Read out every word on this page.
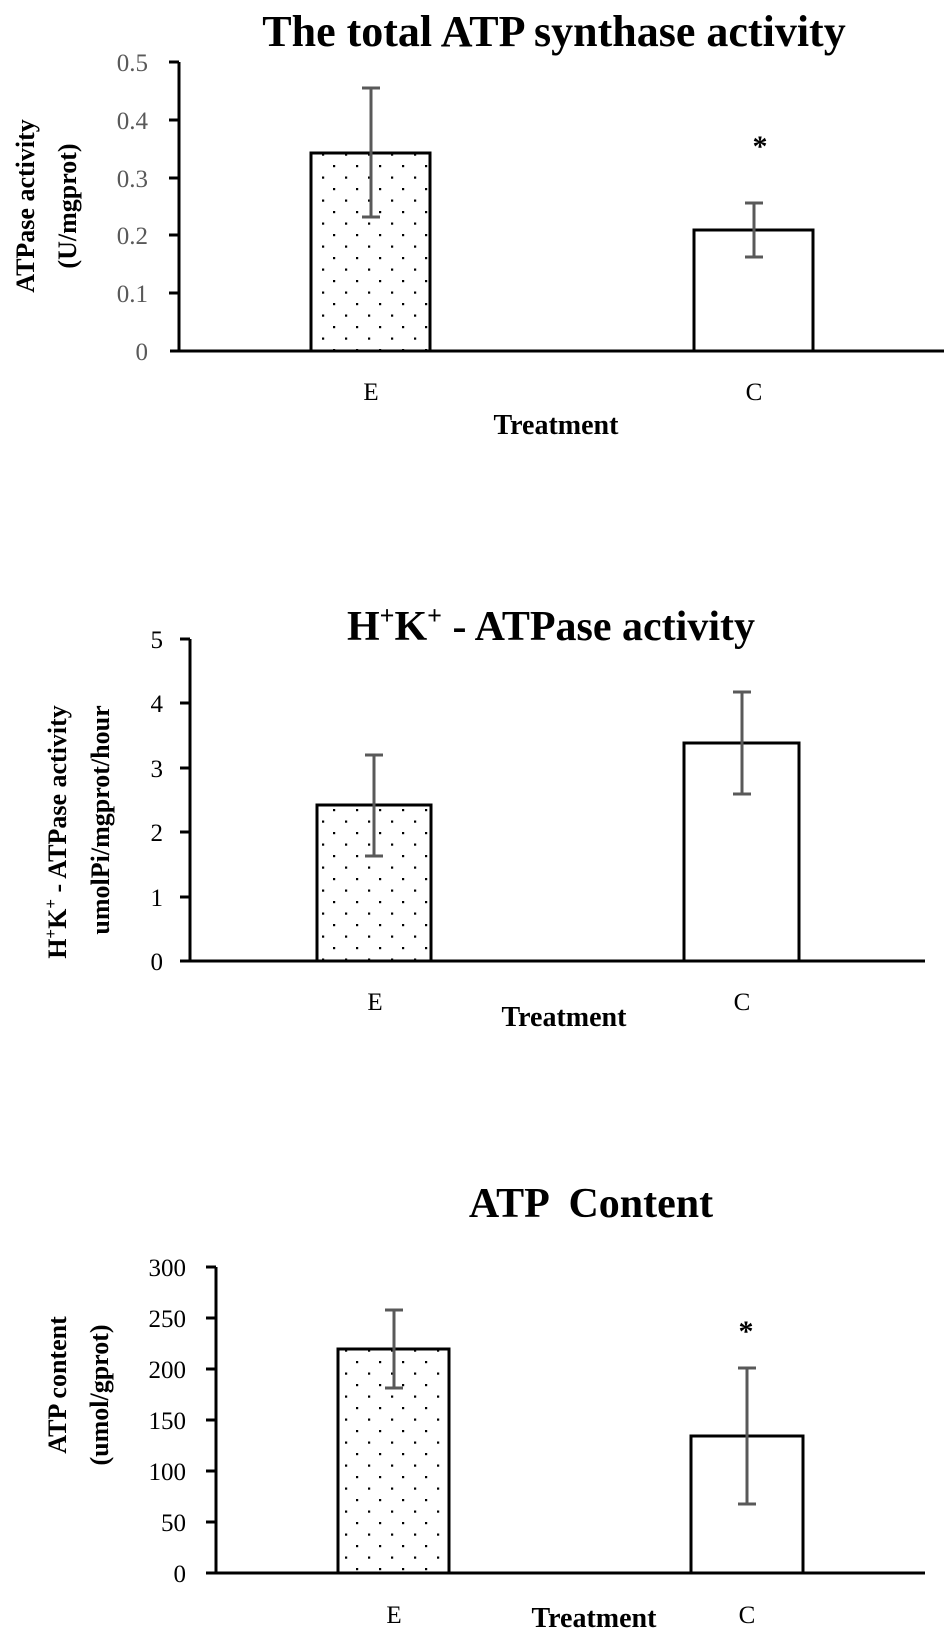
The total ATP synthase activity
ATPase activity (U/mgprot)
0
0.1
0.2
0.3
0.4
0.5
*
E	C
Treatment
H+K+ - ATPase activity
H+K+ - ATPase activity umolPi/mgprot/hour
0
1
2
3
4
5
E	C
Treatment
ATP  Content
ATP content (umol/gprot)
0
50
100
150
200
250
300
*
E	C
Treatment
